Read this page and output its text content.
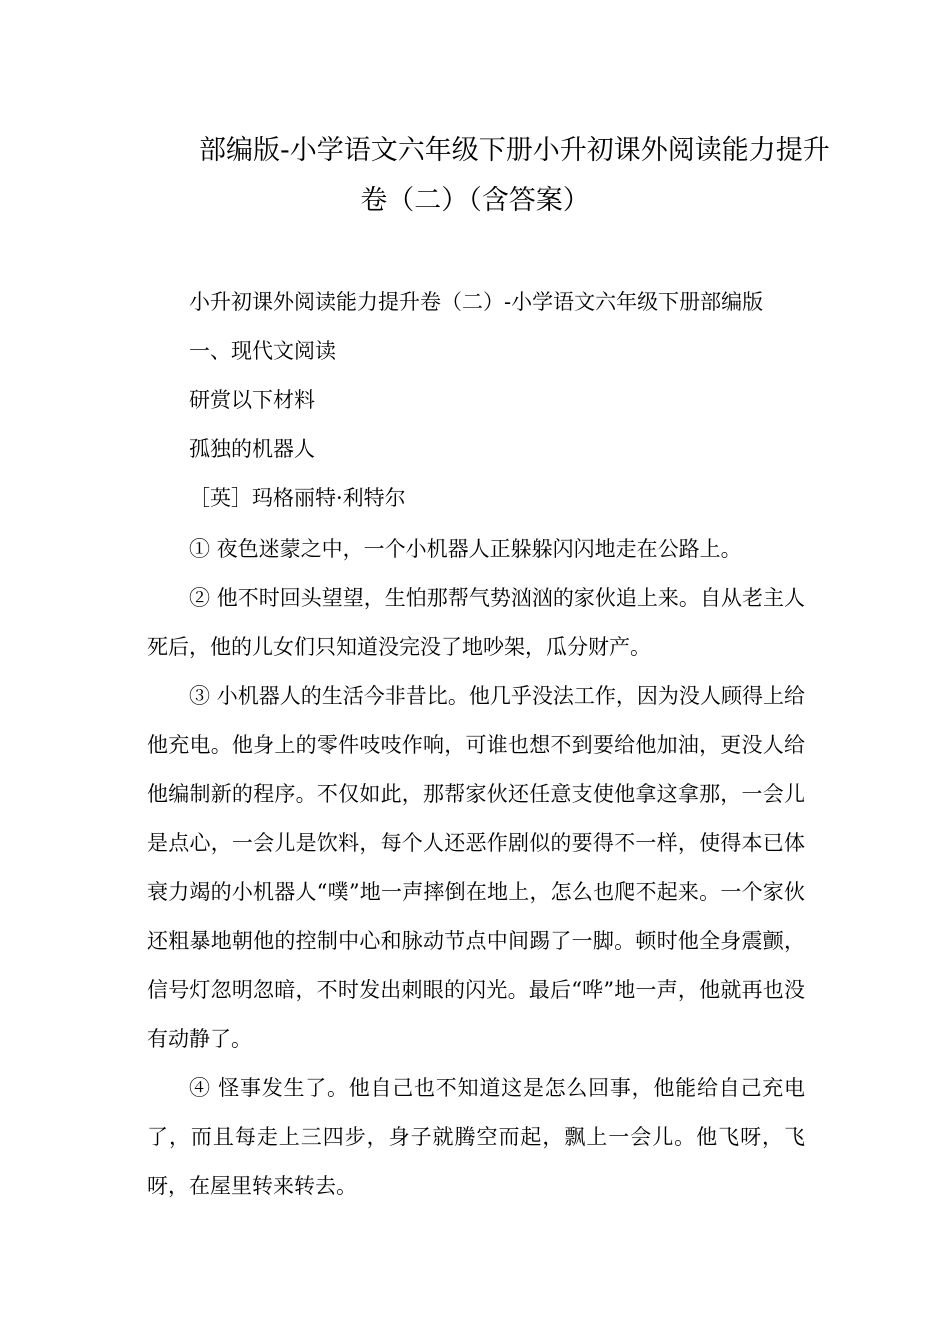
部编版-小学语文六年级下册小升初课外阅读能力提升
卷（二）（含答案）
小升初课外阅读能力提升卷（二）-小学语文六年级下册部编版
一、现代文阅读
研赏以下材料
孤独的机器人
［英］玛格丽特·利特尔
① 夜色迷蒙之中，一个小机器人正躲躲闪闪地走在公路上。
② 他不时回头望望，生怕那帮气势汹汹的家伙追上来。自从老主人死后，他的儿女们只知道没完没了地吵架，瓜分财产。
③ 小机器人的生活今非昔比。他几乎没法工作，因为没人顾得上给他充电。他身上的零件吱吱作响，可谁也想不到要给他加油，更没人给他编制新的程序。不仅如此，那帮家伙还任意支使他拿这拿那，一会儿是点心，一会儿是饮料，每个人还恶作剧似的要得不一样，使得本已体衰力竭的小机器人“噗”地一声摔倒在地上，怎么也爬不起来。一个家伙还粗暴地朝他的控制中心和脉动节点中间踢了一脚。顿时他全身震颤，信号灯忽明忽暗，不时发出刺眼的闪光。最后“哗”地一声，他就再也没有动静了。
④ 怪事发生了。他自己也不知道这是怎么回事，他能给自己充电了，而且每走上三四步，身子就腾空而起，飘上一会儿。他飞呀，飞呀，在屋里转来转去。
